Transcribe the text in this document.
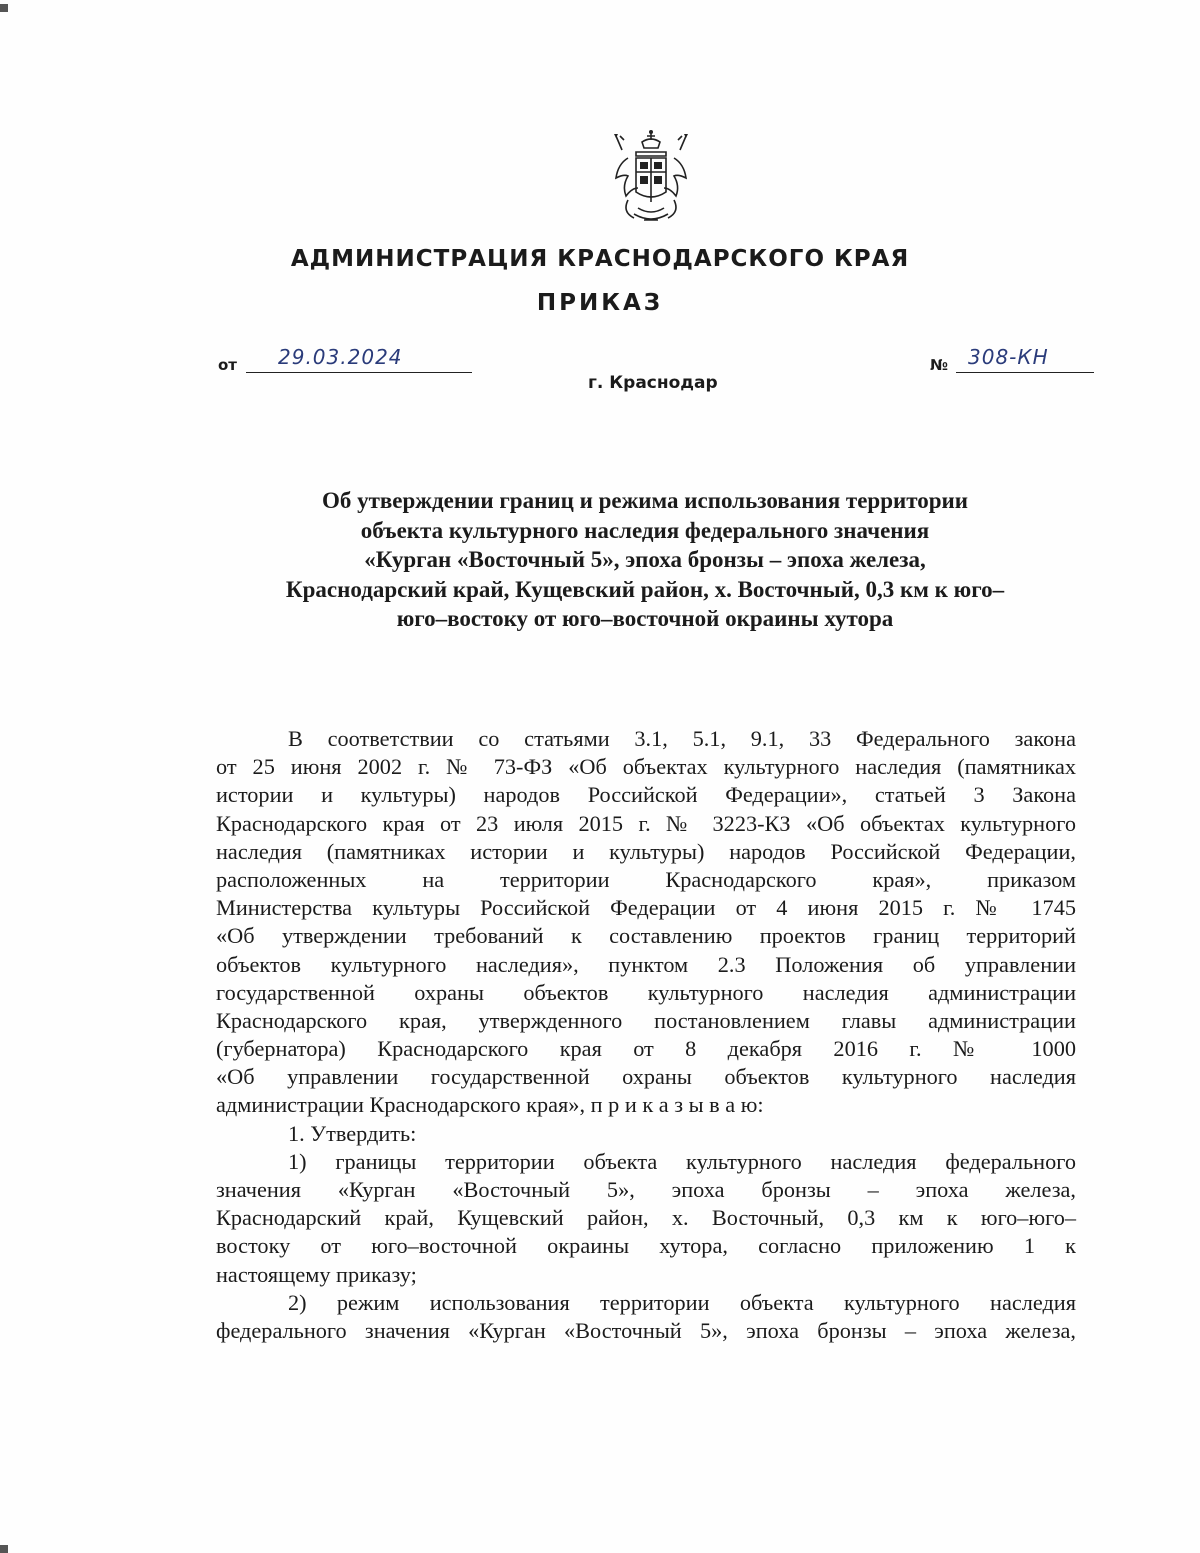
АДМИНИСТРАЦИЯ КРАСНОДАРСКОГО КРАЯ
ПРИКАЗ
от 29.03.2024	№ 308-КН
г. Краснодар
Об утверждении границ и режима использования территории
объекта культурного наследия федерального значения
«Курган «Восточный 5», эпоха бронзы – эпоха железа,
Краснодарский край, Кущевский район, х. Восточный, 0,3 км к юго–
юго–востоку от юго–восточной окраины хутора
В соответствии со статьями 3.1, 5.1, 9.1, 33 Федерального закона
от 25 июня 2002 г. № 73-ФЗ «Об объектах культурного наследия (памятниках
истории и культуры) народов Российской Федерации», статьей 3 Закона
Краснодарского края от 23 июля 2015 г. № 3223-КЗ «Об объектах культурного
наследия (памятниках истории и культуры) народов Российской Федерации,
расположенных на территории Краснодарского края», приказом
Министерства культуры Российской Федерации от 4 июня 2015 г. № 1745
«Об утверждении требований к составлению проектов границ территорий
объектов культурного наследия», пунктом 2.3 Положения об управлении
государственной охраны объектов культурного наследия администрации
Краснодарского края, утвержденного постановлением главы администрации
(губернатора) Краснодарского края от 8 декабря 2016 г. № 1000
«Об управлении государственной охраны объектов культурного наследия
администрации Краснодарского края», п р и к а з ы в а ю:
1. Утвердить:
1) границы территории объекта культурного наследия федерального
значения «Курган «Восточный 5», эпоха бронзы – эпоха железа,
Краснодарский край, Кущевский район, х. Восточный, 0,3 км к юго–юго–
востоку от юго–восточной окраины хутора, согласно приложению 1 к
настоящему приказу;
2) режим использования территории объекта культурного наследия
федерального значения «Курган «Восточный 5», эпоха бронзы – эпоха железа,
